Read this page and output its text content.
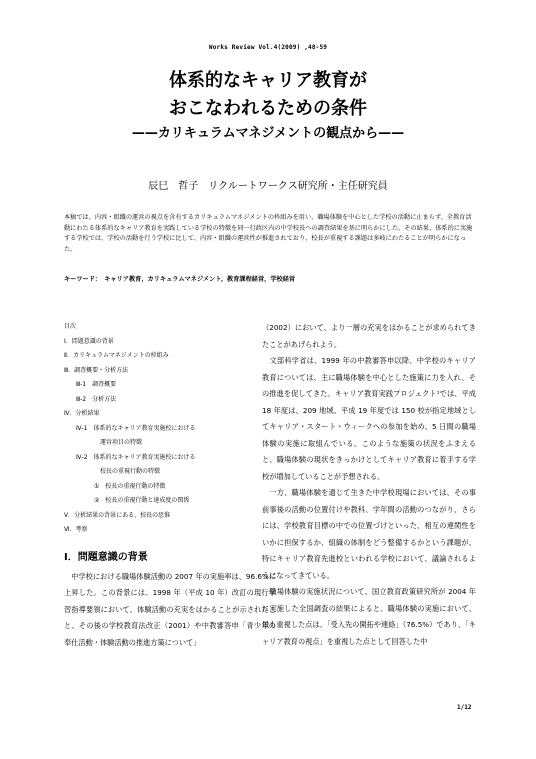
Works Review Vol.4(2009) ,48-59
体系的なキャリア教育が
おこなわれるための条件
——カリキュラムマネジメントの観点から——
辰巳　哲子　リクルートワークス研究所・主任研究員
本稿では、内容・組織の運営の視点を含有するカリキュラムマネジメントの枠組みを用い、職場体験を中心とした学校の活動に止まらず、全教育活動にわたる体系的なキャリア教育を実践している学校の特徴を同一行政区内の中学校長への調査結果を基に明らかにした。その結果、体系的に実施する学校では、学校の活動を行う学校に比して、内容・組織の運営性が推進されており、校長が重視する課題は多岐にわたることが明らかになった。
キーワード：　キャリア教育，カリキュラムマネジメント，教育課程経営，学校経営
目次
Ⅰ．問題意識の背景
Ⅱ．カリキュラムマネジメントの枠組み
Ⅲ．調査概要・分析方法
　　Ⅲ-1　調査概要
　　Ⅲ-2　分析方法
Ⅳ．分析結果
　　Ⅳ-1　体系的なキャリア教育実施校における
　　　　　　運営項目の特徴
　　Ⅳ-2　体系的なキャリア教育実施校における
　　　　　　校長の重視行動の特徴
　　　　　①　校長の重視行動の特徴
　　　　　②　校長の重視行動と達成度の関係
Ⅴ．分析結果の背景にある、校長の思惟
Ⅵ．考察
Ⅰ．問題意識の背景

　中学校における職場体験活動の 2007 年の実施率は、96.6%に上昇した。この背景には、1998 年（平成 10 年）改訂の現行学習指導要領において、体験活動の充実をはかることが示されたこと、その後の学校教育法改正（2001）や中教審答申「青少年の奉仕活動・体験活動の推進方策について」

（2002）において、より一層の充実をはかることが求められてきたことがあげられよう。

　文部科学省は、1999 年の中教審答申以降、中学校のキャリア教育については、主に職場体験を中心とした施策に力を入れ、その推進を促してきた。キャリア教育実践プロジェクト¹では、平成 18 年度は、209 地域、平成 19 年度では 150 校が指定地域としてキャリア・スタート・ウィークへの参加を始め、5 日間の職場体験の実施に取組んでいる。このような施策の状況をふまえると、職場体験の現状をきっかけとしてキャリア教育に着手する学校が増加していることが予想される。

　一方、職場体験を通じて生きた中学校現場においては、その事前事後の活動の位置付けや教科、学年間の活動のつながり、さらには、学校教育目標の中での位置づけといった、相互の連関性をいかに担保するか、組織の体制をどう整備するかという課題が、特にキャリア教育先進校といわれる学校において、議論されるようになってきている。

　職場体験の実施状況について、国立教育政策研究所が 2004 年に実施した全国調査の結果によると、職場体験の実施において、最も重視した点は、「受入先の開拓や連絡」（76.5%）であり、「キャリア教育の視点」を重視した点として回答した中

1/12
